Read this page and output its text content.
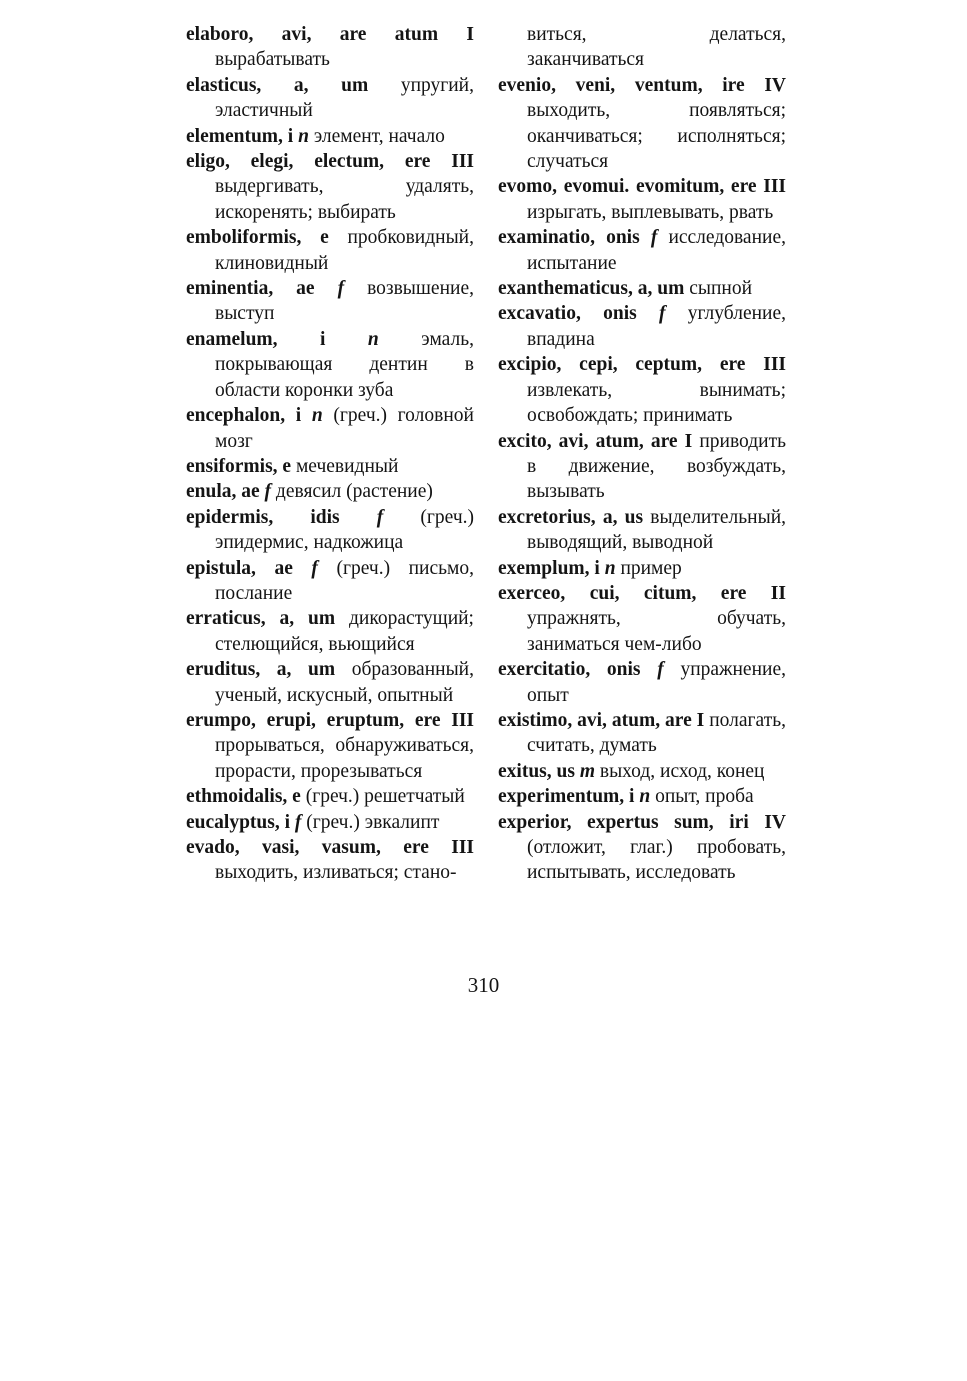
elaboro, avi, are atum I вырабатывать

elasticus, a, um упругий, эластичный

elementum, i n элемент, начало

eligo, elegi, electum, ere III выдергивать, удалять, искоренять; выбирать

emboliformis, e пробковидный, клиновидный

eminentia, ae f возвышение, выступ

enamelum, i n эмаль, покрывающая дентин в области коронки зуба

encephalon, i n (греч.) головной мозг

ensiformis, e мечевидный

enula, ae f девясил (растение)

epidermis, idis f (греч.) эпидермис, надкожица

epistula, ae f (греч.) письмо, послание

erraticus, a, um дикорастущий; стелющийся, вьющийся

eruditus, a, um образованный, ученый, искусный, опытный

erumpo, erupi, eruptum, ere III прорываться, обнаруживаться, прорасти, прорезываться

ethmoidalis, e (греч.) решетчатый

eucalyptus, i f (греч.) эвкалипт

evado, vasi, vasum, ere III выходить, изливаться; стано-

виться, делаться, заканчиваться

evenio, veni, ventum, ire IV выходить, появляться; оканчиваться; исполняться; случаться

evomo, evomui. evomitum, ere III изрыгать, выплевывать, рвать

examinatio, onis f исследование, испытание

exanthematicus, a, um сыпной

excavatio, onis f углубление, впадина

excipio, cepi, ceptum, ere III извлекать, вынимать; освобождать; принимать

excito, avi, atum, are I приводить в движение, возбуждать, вызывать

excretorius, a, us выделительный, выводящий, выводной

exemplum, i n пример

exerceo, cui, citum, ere II упражнять, обучать, заниматься чем-либо

exercitatio, onis f упражнение, опыт

existimo, avi, atum, are I полагать, считать, думать

exitus, us m выход, исход, конец

experimentum, i n опыт, проба

experior, expertus sum, iri IV (отложит, глаг.) пробовать, испытывать, исследовать

310
